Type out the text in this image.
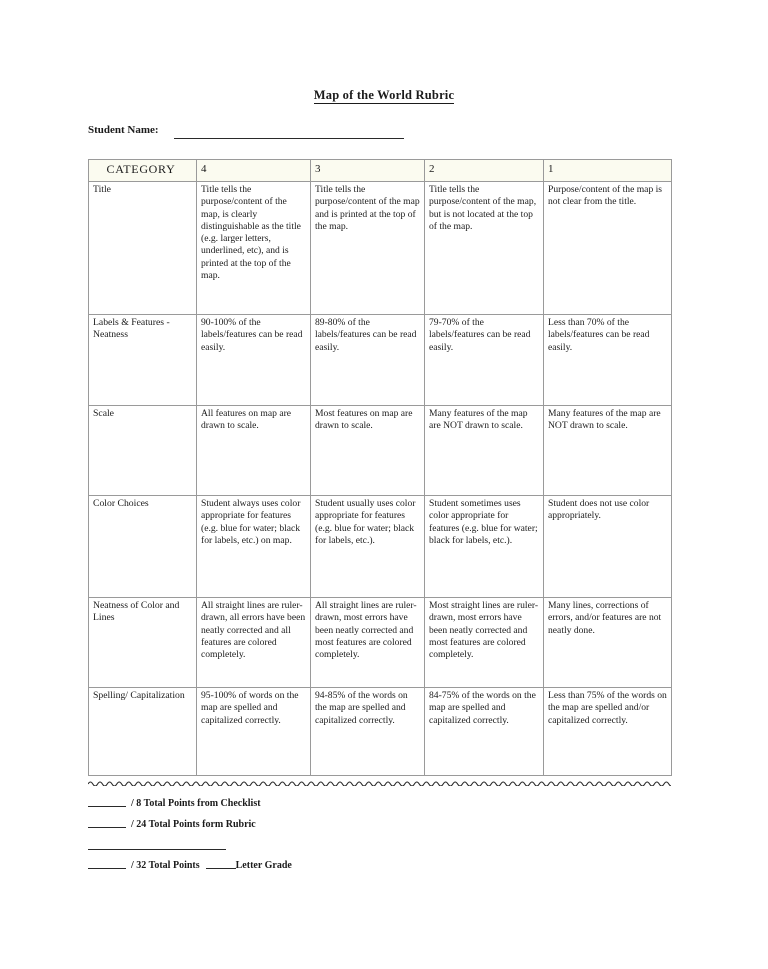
Map of the World Rubric
Student Name:
CATEGORY	4	3	2	1
Title	Title tells the purpose/content of the map, is clearly distinguishable as the title (e.g. larger letters, underlined, etc), and is printed at the top of the map.	Title tells the purpose/content of the map and is printed at the top of the map.	Title tells the purpose/content of the map, but is not located at the top of the map.	Purpose/content of the map is not clear from the title.
Labels & Features - Neatness	90-100% of the labels/features can be read easily.	89-80% of the labels/features can be read easily.	79-70% of the labels/features can be read easily.	Less than 70% of the labels/features can be read easily.
Scale	All features on map are drawn to scale.	Most features on map are drawn to scale.	Many features of the map are NOT drawn to scale.	Many features of the map are NOT drawn to scale.
Color Choices	Student always uses color appropriate for features (e.g. blue for water; black for labels, etc.) on map.	Student usually uses color appropriate for features (e.g. blue for water; black for labels, etc.).	Student sometimes uses color appropriate for features (e.g. blue for water; black for labels, etc.).	Student does not use color appropriately.
Neatness of Color and Lines	All straight lines are ruler-drawn, all errors have been neatly corrected and all features are colored completely.	All straight lines are ruler-drawn, most errors have been neatly corrected and most features are colored completely.	Most straight lines are ruler-drawn, most errors have been neatly corrected and most features are colored completely.	Many lines, corrections of errors, and/or features are not neatly done.
Spelling/ Capitalization	95-100% of words on the map are spelled and capitalized correctly.	94-85% of the words on the map are spelled and capitalized correctly.	84-75% of the words on the map are spelled and capitalized correctly.	Less than 75% of the words on the map are spelled and/or capitalized correctly.
/ 8 Total Points from Checklist
/ 24 Total Points form Rubric
/ 32 Total Points	Letter Grade
